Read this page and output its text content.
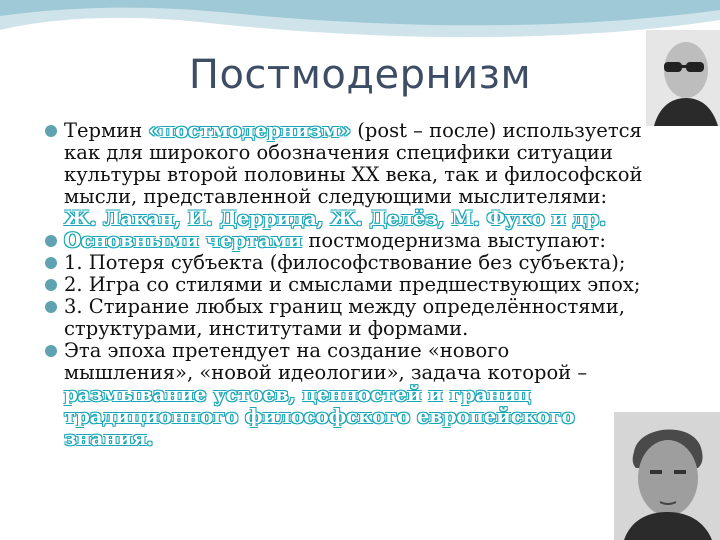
Постмодернизм
Термин «постмодернизм» (post – после) используется как для широкого обозначения специфики ситуации культуры второй половины XX века, так и философской мысли, представленной следующими мыслителями: Ж. Лакан, И. Деррида, Ж. Делёз, М. Фуко и др.
Основными чертами постмодернизма выступают:
1. Потеря субъекта (философствование без субъекта);
2. Игра со стилями и смыслами предшествующих эпох;
3. Стирание любых границ между определённостями, структурами, институтами и формами.
Эта эпоха претендует на создание «нового мышления», «новой идеологии», задача которой – размывание устоев, ценностей и границ традиционного философского европейского знания.
